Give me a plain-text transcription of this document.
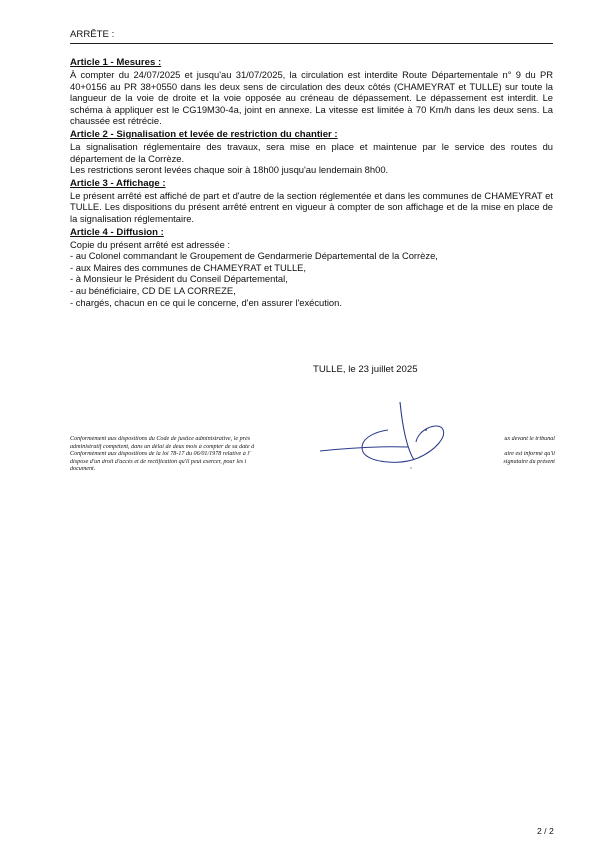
ARRÊTE :

Article 1 - Mesures :

À compter du 24/07/2025 et jusqu'au 31/07/2025, la circulation est interdite Route Départementale n° 9 du PR 40+0156 au PR 38+0550 dans les deux sens de circulation des deux côtés (CHAMEYRAT et TULLE) sur toute la langueur de la voie de droite et la voie opposée au créneau de dépassement. Le dépassement est interdit. Le schéma à appliquer est le CG19M30-4a, joint en annexe. La vitesse est limitée à 70 Km/h dans les deux sens. La chaussée est rétrécie.

Article 2 - Signalisation et levée de restriction du chantier :

La signalisation réglementaire des travaux, sera mise en place et maintenue par le service des routes du département de la Corrèze.

Les restrictions seront levées chaque soir à 18h00 jusqu'au lendemain 8h00.

Article 3 - Affichage :

Le présent arrêté est affiché de part et d'autre de la section réglementée et dans les communes de CHAMEYRAT et TULLE. Les dispositions du présent arrêté entrent en vigueur à compter de son affichage et de la mise en place de la signalisation réglementaire.

Article 4 - Diffusion :

Copie du présent arrêté est adressée :

- au Colonel commandant le Groupement de Gendarmerie Départemental de la Corrèze,
- aux Maires des communes de CHAMEYRAT et TULLE,
- à Monsieur le Président du Conseil Départemental,
- au bénéficiaire, CD DE LA CORREZE,
- chargés, chacun en ce qui le concerne, d'en assurer l'exécution.
TULLE, le 23 juillet 2025
Conformément aux dispositions du Code de justice administrative, le prés	ux devant le tribunal
administratif compétent, dans un délai de deux mois à compter de sa date d
Conformément aux dispositions de la loi 78-17 du 06/01/1978 relative à l'	aire est informé qu'il
dispose d'un droit d'accès et de rectification qu'il peut exercer, pour les i	signataire du présent
document.
2 / 2
